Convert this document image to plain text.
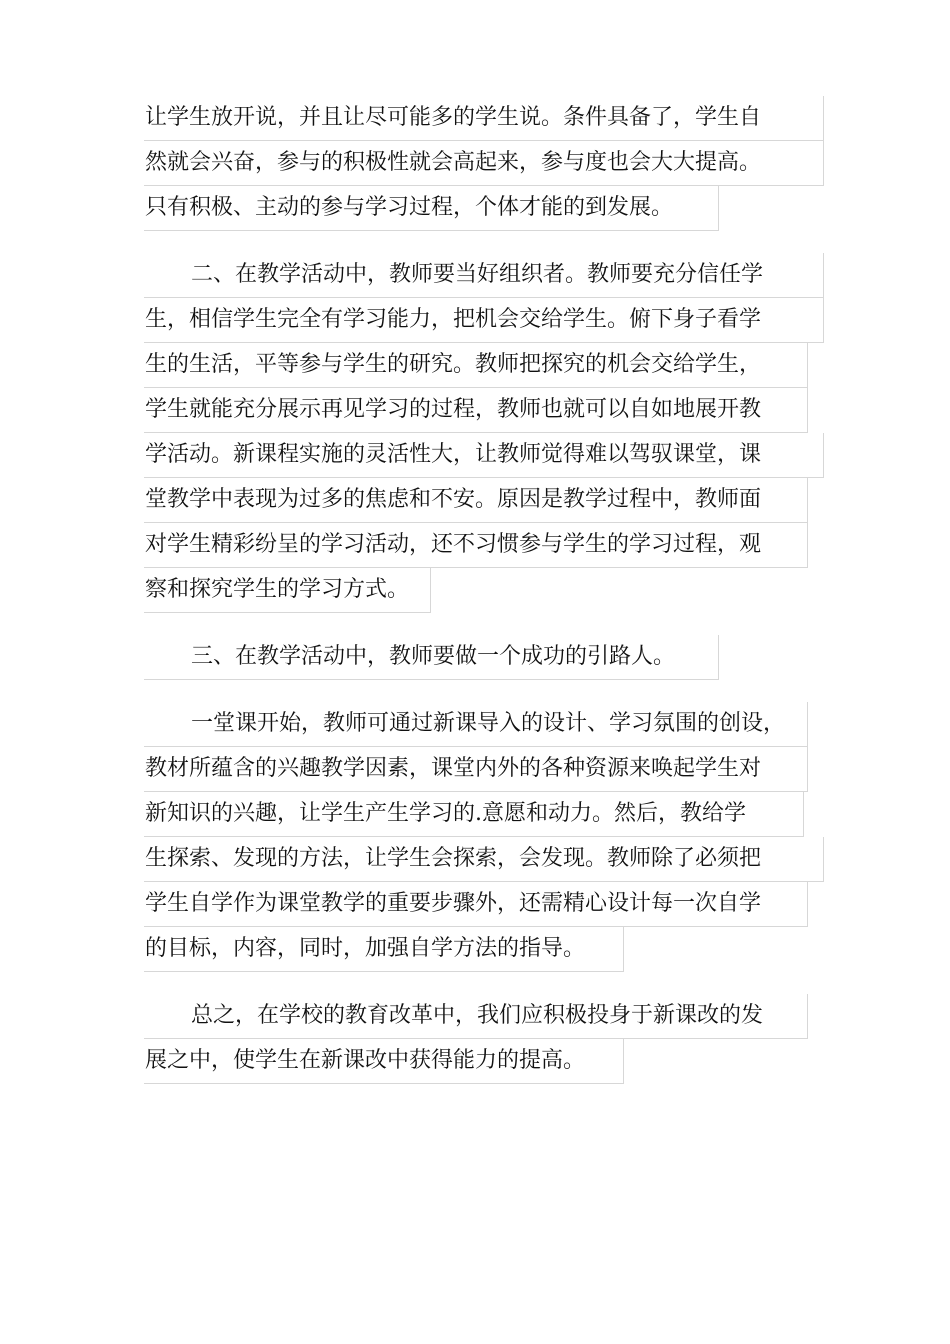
让学生放开说，并且让尽可能多的学生说。条件具备了，学生自
然就会兴奋，参与的积极性就会高起来，参与度也会大大提高。
只有积极、主动的参与学习过程，个体才能的到发展。
二、在教学活动中，教师要当好组织者。教师要充分信任学
生，相信学生完全有学习能力，把机会交给学生。俯下身子看学
生的生活，平等参与学生的研究。教师把探究的机会交给学生，
学生就能充分展示再见学习的过程，教师也就可以自如地展开教
学活动。新课程实施的灵活性大，让教师觉得难以驾驭课堂，课
堂教学中表现为过多的焦虑和不安。原因是教学过程中，教师面
对学生精彩纷呈的学习活动，还不习惯参与学生的学习过程，观
察和探究学生的学习方式。
三、在教学活动中，教师要做一个成功的引路人。
一堂课开始，教师可通过新课导入的设计、学习氛围的创设，
教材所蕴含的兴趣教学因素，课堂内外的各种资源来唤起学生对
新知识的兴趣，让学生产生学习的.意愿和动力。然后，教给学
生探索、发现的方法，让学生会探索，会发现。教师除了必须把
学生自学作为课堂教学的重要步骤外，还需精心设计每一次自学
的目标，内容，同时，加强自学方法的指导。
总之，在学校的教育改革中，我们应积极投身于新课改的发
展之中，使学生在新课改中获得能力的提高。
